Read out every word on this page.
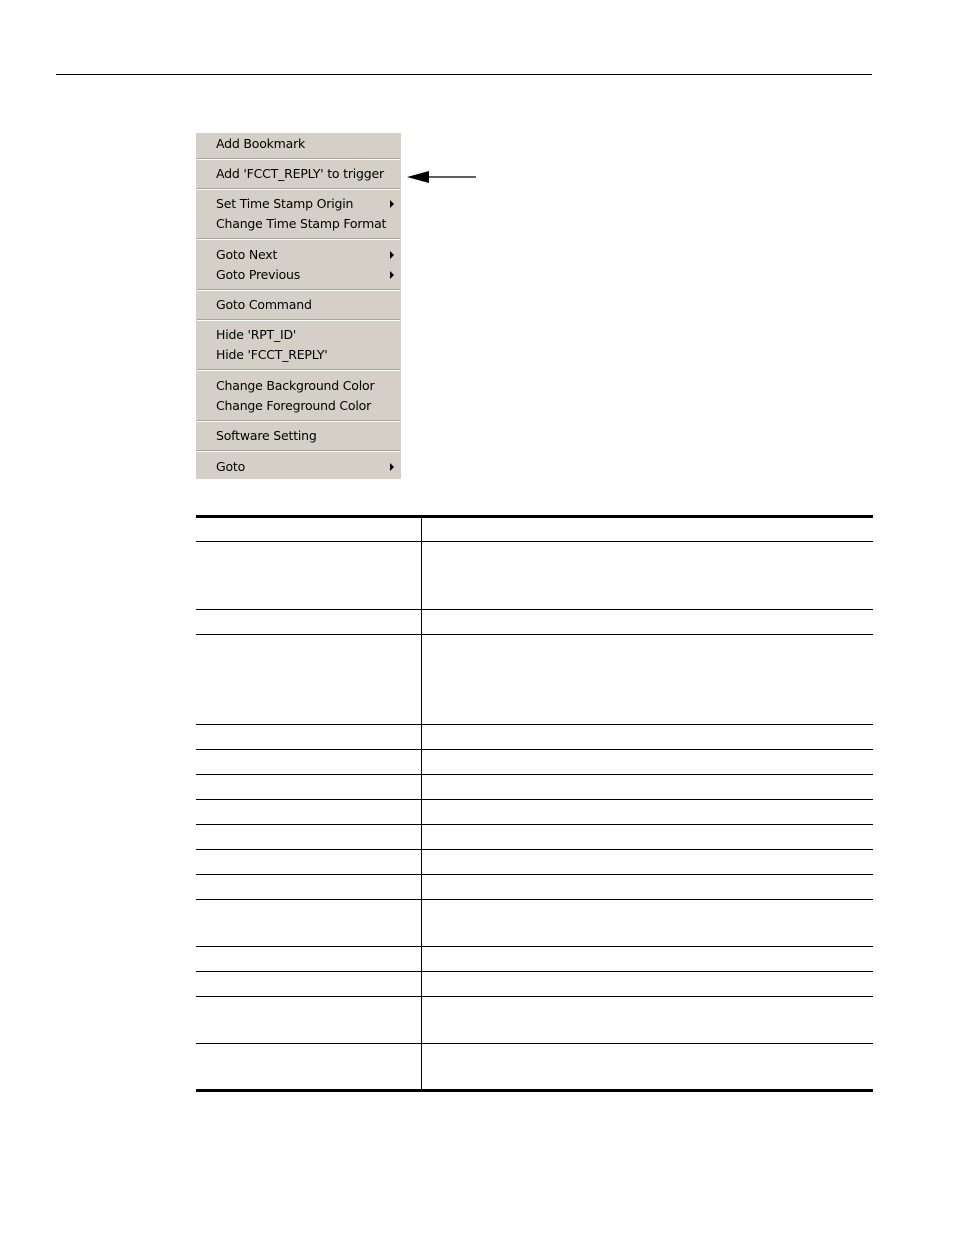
Add Bookmark
Add 'FCCT_REPLY' to trigger
Set Time Stamp Origin
Change Time Stamp Format
Goto Next
Goto Previous
Goto Command
Hide 'RPT_ID'
Hide 'FCCT_REPLY'
Change Background Color
Change Foreground Color
Software Setting
Goto
